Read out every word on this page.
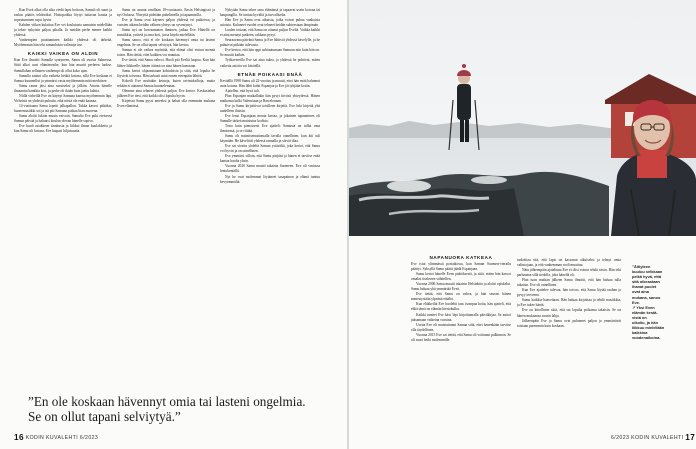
Kun Eveä alkoi olla aika viedä lapsi hoitoon, Samuli oli suuri ja raskas päätös tehtäväksi. Hoitopaikka löytyi tuttavan kautta ja sopeutuminen sujui hyvin.

Kahden viikon kuluttua Eve vei koulutusta aamuisin mielellään ja tekee nykyisin paljon pihalla. Ja meidän perhe menee kaikki yhdessä.

Vanhempien puuttuminen kaikki yhdessä oli tärkeää. Myöhemmin hän teki samanlaisia valintoja itse.

KAIKKI VAIKEA ON ALDIN

Kun Eve ilmoitti Samulle syntyneen, Samu oli vuosia Salmessa. Siitä alkoi uusi elämänvaihe, kun hän muutti perheen luokse. Samullahan sellainen vanhempi oli ollut koko ajan.

Samulla saattoi olla vaikeita hetkiä kotona, sillä Eve koskaan ei Samua kuunnellut ja ymmärsi vasta myöhemmin mitä merkitsee.

Samu ranne jäisi aina suruiseksi ja jälkiin. Ainoin hänelle ilmaantui hankkia koti, ja perhe oli ikään kuin jaettu kahtia.

Niillä virheillä Eve on käynyt Samuna kanssa myöhemmin läpi. Virheistä on yhdessä puhuttu, eikä niistä ole enää kaunaa.

14-vuotiaana Samu lopetti jalkapallon. Tukka kasvoi pitkäksi, huonemusiikki soi ja isä piti Samuna poikaa liian nuorena.

Samu aloitti lukion muuta vaivoin. Samulta Eve puki eteisessä Samun päivää ja haluaisi koulun olevan hänelle sopiva.

Eve kuuli asiakkeen tinnitusta ja liikkui ilman kuulokkeita ja kun Samu oli kotona, Eve kaipasi hiljaisuutta.

Samu on asunut omillaan 18-vuotiaasta. Ensin Helsingissä ja nyt Oulussa. Yhteyttä pidetään puhelimella ja tapaamisilla.

Eve ja Samu ovat käyneet paljon yhdessä eri paikoissa, ja vuosien aikana heidän välinen yhteys on syventynyt.

Samu nyt on korvaamaton ihminen, jatkaa Eve. Hänellä on musiikkia, ystäviä ja oma koti, jossa käydä mielellään.

Samu sanoo, että ei ole koskaan hävennyt omia tai lasteni ongelmia. Se on ollut tapani selviytyä, hän kertoo.

Samun ei ole vaikea myöntää, että elämä olisi voinut mennä toisin. Hän tietää, ettei kaikkea voi muuttaa.

Eve tietää, että Samu vahvoi. Huoli piti Eveltä luopua. Kun hän lähtee liikkeelle, hänen äitinsä on aina hänen kanssaan.

Samu kertoi ohjaamistaan kohtaloista ja siitä, että lopulta he löysivät toisensa. Hän tarkasti asiat ennen eteenpäin lähtöä.

Kokeili Eve muitakin keinoja, kuten ravintolailtoja, mutta sekään ei auttanut Samua kuuntelemaan.

Olemme aina tehneet yhdessä paljon, Eve kertoo. Keskustelun jälkeen Eve tiesi, että kaikki olisi lopulta hyvin.

Kirjeissä Samu pyysi anteeksi ja halusi olla enemmän mukana Even elämässä.

Nykyään Samu tekee oma elämänsä ja tapaavat usein kotona tai kaupungilla. Se tuntuu hyvältä ja turvalliselta.

Hän Eve ja Samu ovat aikuisia, jotka voivat puhua vanhoista asioista. Kuluneet vuodet ovat tehneet heidän suhteestaan lämpimän.

Luulen tosiaan, että Samu on ottanut paljon Eveltä. Vaikka kaikki ei aina mennyt putkeen, rakkaus pysyi.

Seuraavana päivänä Samu ja Eve lähtivät yhdessä kävelylle, ja he puhuivat pitkään tulevasta.

Eve kertoo, että hän oppi suhtautumaan Samuun niin kuin hän on. Se muutti kaiken.

Työkavereilla Eve sai aina tukea, ja yhdessä he pohtivat, miten vaikeita asioita voi käsitellä.

ETNÄE POIKAASI ENÄÄ

Keväällä 1998 Samu oli 22-vuotias ja muutti, ettei hän enää halunnut asua kotona. Hän lähti kohti Espanjaa ja Eve jäi tyhjään kotiin.

Ajatellen, että hyvä tuli.

Plan Espanjan matkallakin hän pysyi tiiviisti yhteydessä. Hänen matkansa kulki Valenciaan ja Barcelonaan.

Eve ja Samu kirjoittivat toisilleen kirjeitä. Eve luki kirjeitä yhä uudelleen iltaisin.

Eve lensi Espanjaan monta kertaa, ja jokainen tapaaminen oli Samulle tärkeä muistutus kodista.

Tosia kuin pienoisesti Eve ajatteli: Samusta on tullut oma ihmisensä, ja se riittää.

Samu oli mainitsemattomalla tavalla onnellinen, kun äiti tuli käymään. He kävelivät yhdessä rannalla ja söivät iltaa.

Eve sai viestin yhdeltä Samun ystävältä, joka kertoi, että Samu voi hyvin ja on onnellinen.

Eve ymmärsi silloin, että Samu pärjäisi ja hänen ei tarvitse enää kantaa huolta yksin.

Vuonna 2020 Samu muutti takaisin Suomeen. Eve oli vastassa lentokentällä.

Nyt he ovat molemmat löytäneet tasapainon ja elämä tuntuu kevyemmältä.

”En ole koskaan hävennyt omia tai lasteni ongelmia. Se on ollut tapani selviytyä.”
16 KODIN KUVALEHTI 6/2023
NAPANUORA KATKEAA

Eve istui ylimmässä portaikossa, kun Samun Suomen-vierailu päättyi. Syksyllä Samu päätti jäädä Espanjaan.

Samu kertoi hänelle Even päätöksestä, ja siitä, miten hän kasvoi omaksi itsekseen vähitellen.

Vuonna 2006 Samu muutti takaisin Helsinkiin ja aloitti opiskelut. Samu haluaa yhä ymmärtää Eveä.

Eve tietää, että Samu on vahva, ja hän seurasi hänen menestystään ylpeänä etäältä.

Kun eläkkeiltä Eve huolehti taas isompaa kotia, hän ajatteli, että ehkä tämä on elämän kiertokulku.

Kaikki tunteet Eve kävi läpi kirjoittamalla päiväkirjaa. Se auttoi jaksamaan vaikeina vuosina.

Useita Eve oli muistuttanut Samua siitä, ettei kenenkään tarvitse olla täydellinen.

Vuonna 2015 Eve sai tietää, että Samu oli voittanut palkinnon. Se oli suuri hetki molemmille.

tarkoittaa sitä, että lapsi on kasvanut aikuiseksi ja tehnyt omia valintojaan, ja että vanhemman rooli muuttuu.

Näin jälkeenpäin ajateltuna Eve ei olisi voinut tehdä toisin. Hän teki parhaansa sillä tiedolla, joka hänellä oli.

Plan tuon matkan jälkeen Samu ilmoitti, että hän haluaa tulla takaisin. Eve oli onnellinen.

Kun Eve ajattelee tulevaa, hän toivoo, että Samu löytää rauhan ja pysyy terveenä.

Samu kaikkia haaveitaan. Hän haluaa kirjoittaa ja tehdä musiikkia, ja Eve tukee häntä.

Eve on kiitollinen siitä, että sai lopulta poikansa takaisin. Se on hänen mukaansa suurin lahja.

Jälkeenpäin Eve ja Samu ovat puhuneet paljon ja ymmärtävät toisiaan paremmin kuin koskaan.

6/2023 KODIN KUVALEHTI 17
”Äitiyteen
kuuluu selkkaan
pelkä hyvä, että
sitä oikeastaan
ihanat puolet
ovat aina
mukana, sanoo
Eve.
↗ Yksi Even
elämän kestä-
vistä on
ulkoilu, ja hän
liikkuu mielellään
kaikkina
vuodenaikoina.
